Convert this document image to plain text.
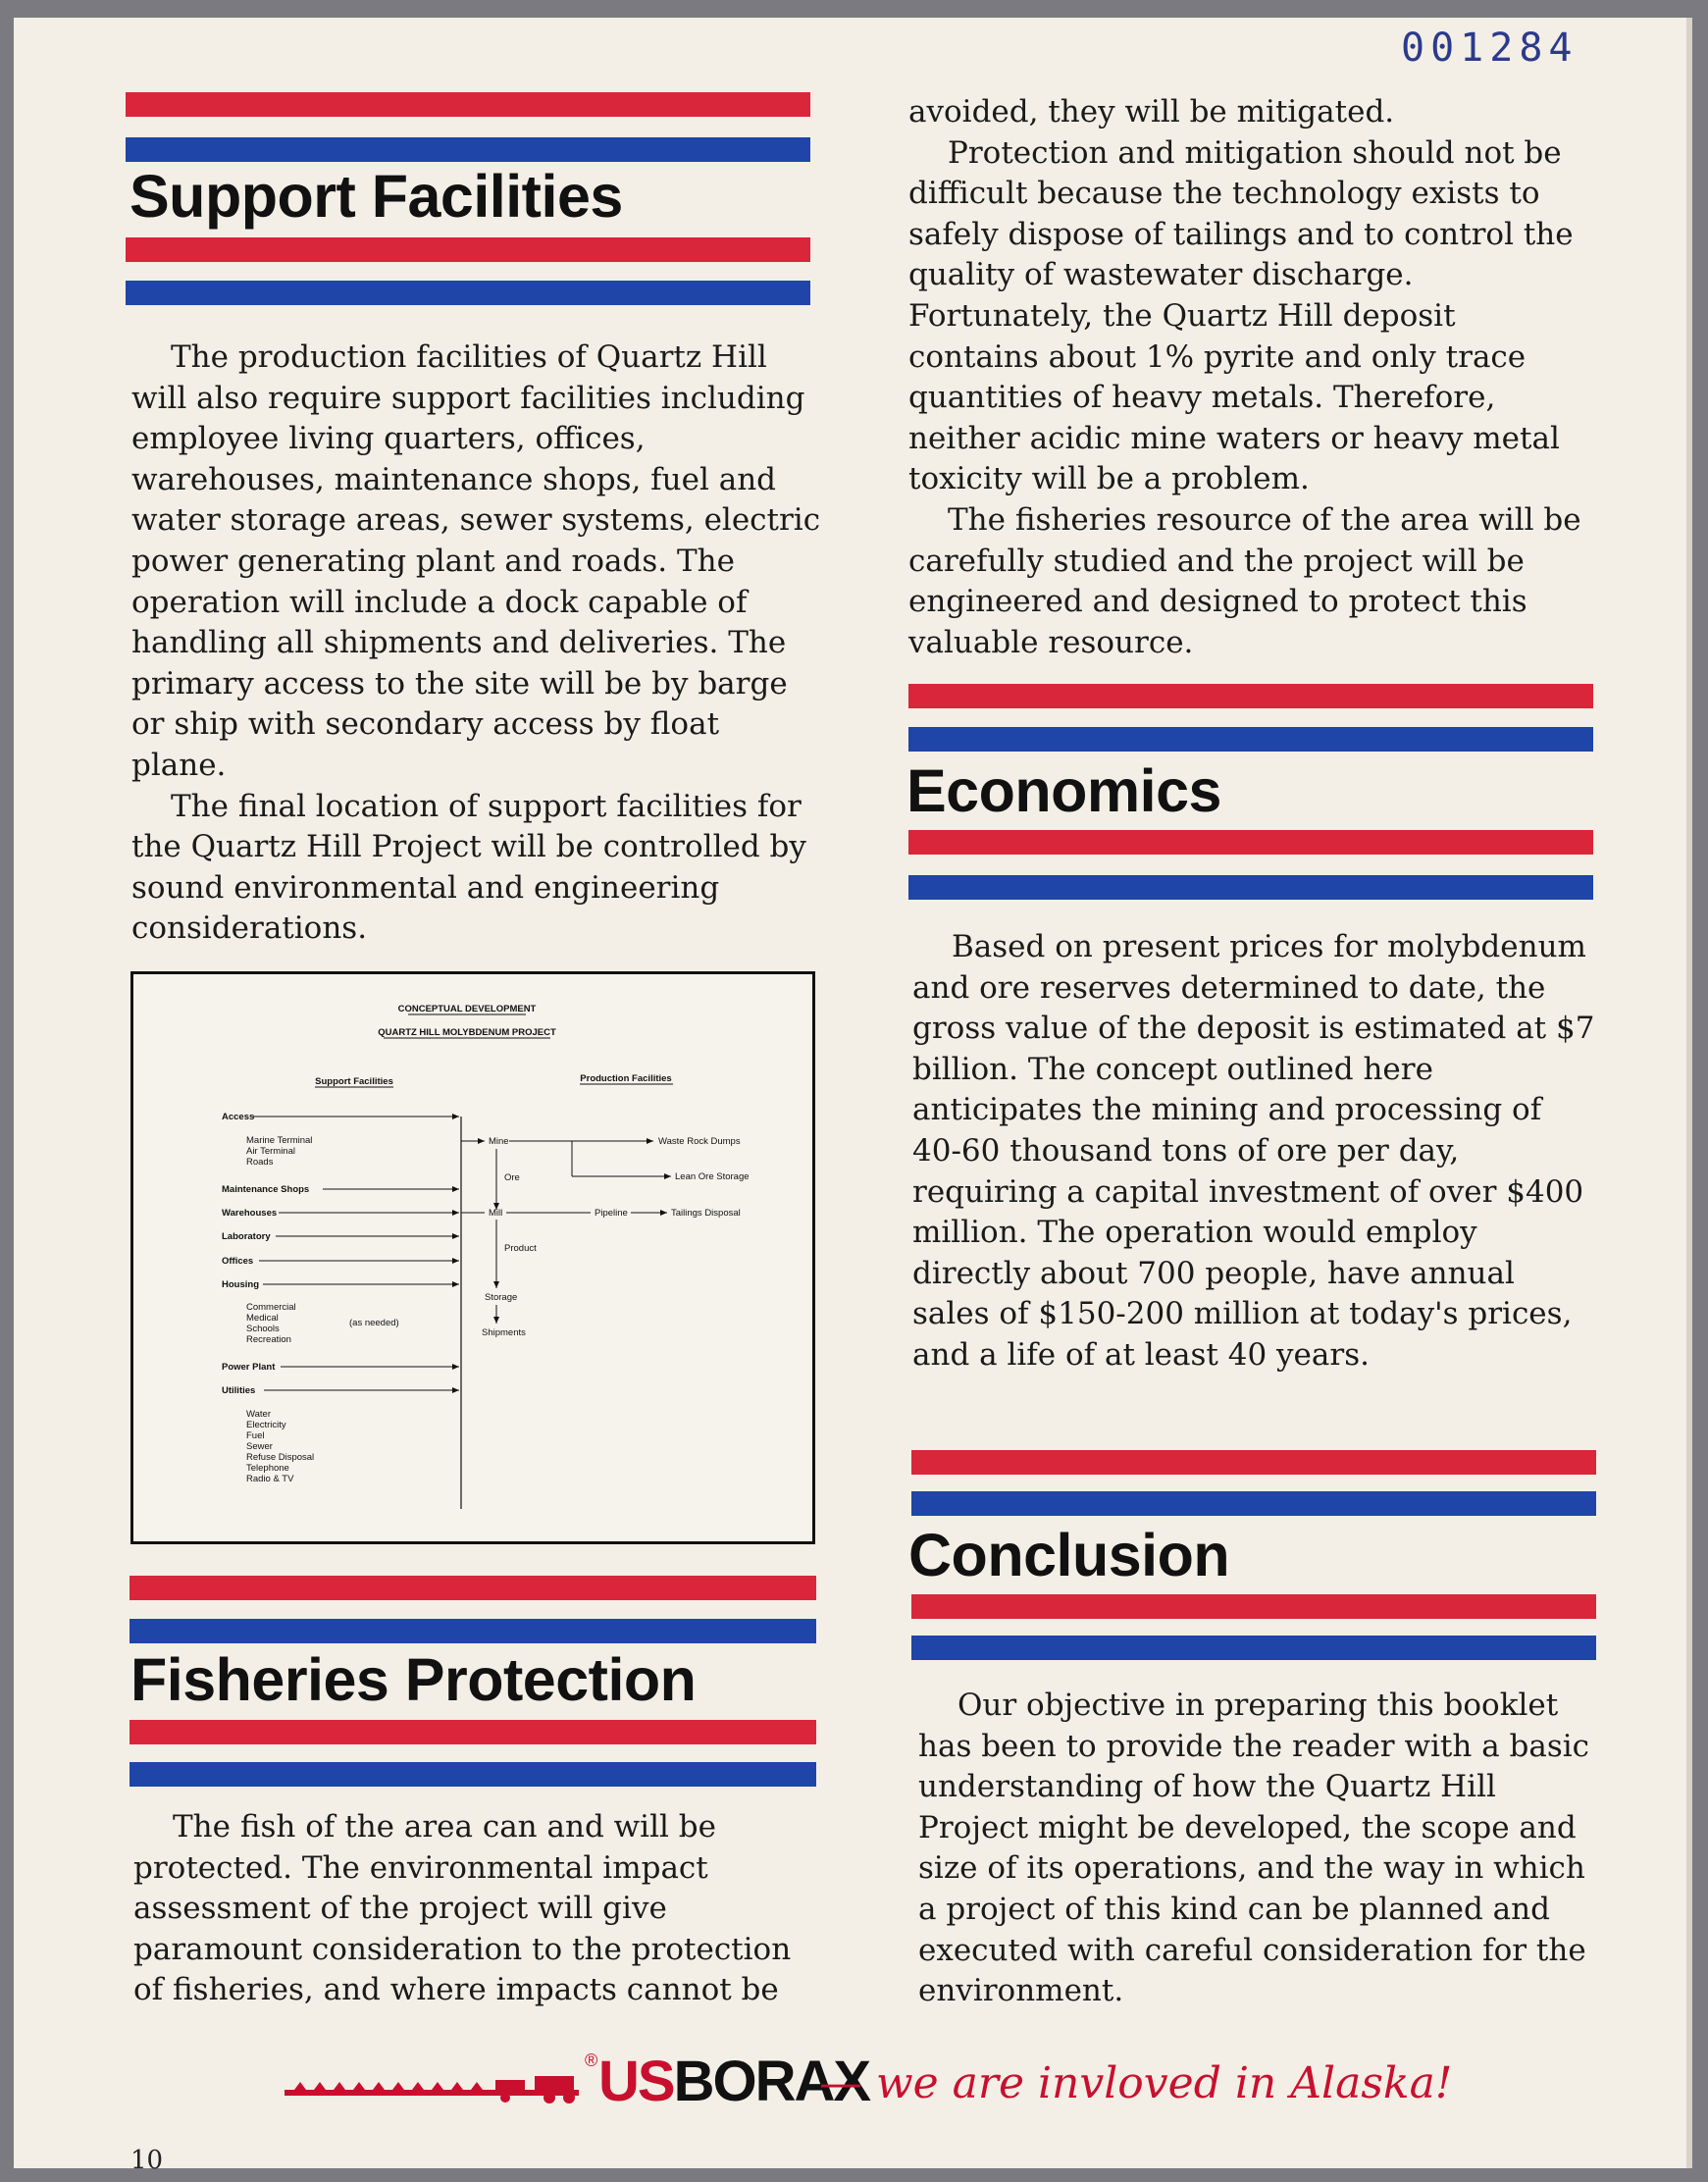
001284
Support Facilities

The production facilities of Quartz Hill will also require support facilities including employee living quarters, offices, warehouses, maintenance shops, fuel and water storage areas, sewer systems, electric power generating plant and roads. The operation will include a dock capable of handling all shipments and deliveries. The primary access to the site will be by barge or ship with secondary access by float plane.

The final location of support facilities for the Quartz Hill Project will be controlled by sound environmental and engineering considerations.

CONCEPTUAL DEVELOPMENT
QUARTZ HILL MOLYBDENUM PROJECT
Support Facilities	Production Facilities
Access
Marine Terminal
Air Terminal
Roads
Maintenance Shops
Warehouses
Laboratory
Offices
Housing
Commercial
Medical
Schools
Recreation
(as needed)
Power Plant
Utilities
Water
Electricity
Fuel
Sewer
Refuse Disposal
Telephone
Radio & TV
Mine	Waste Rock Dumps
Lean Ore Storage
Ore
Mill	Pipeline	Tailings Disposal
Product
Storage
Shipments
Fisheries Protection

The fish of the area can and will be protected. The environmental impact assessment of the project will give paramount consideration to the protection of fisheries, and where impacts cannot be

avoided, they will be mitigated.

Protection and mitigation should not be difficult because the technology exists to safely dispose of tailings and to control the quality of wastewater discharge. Fortunately, the Quartz Hill deposit contains about 1% pyrite and only trace quantities of heavy metals. Therefore, neither acidic mine waters or heavy metal toxicity will be a problem.

The fisheries resource of the area will be carefully studied and the project will be engineered and designed to protect this valuable resource.

Economics

Based on present prices for molybdenum and ore reserves determined to date, the gross value of the deposit is estimated at $7 billion. The concept outlined here anticipates the mining and processing of 40-60 thousand tons of ore per day, requiring a capital investment of over $400 million. The operation would employ directly about 700 people, have annual sales of $150-200 million at today's prices, and a life of at least 40 years.

Conclusion

Our objective in preparing this booklet has been to provide the reader with a basic understanding of how the Quartz Hill Project might be developed, the scope and size of its operations, and the way in which a project of this kind can be planned and executed with careful consideration for the environment.

USBORAX
®	— we are invloved in Alaska!
10
